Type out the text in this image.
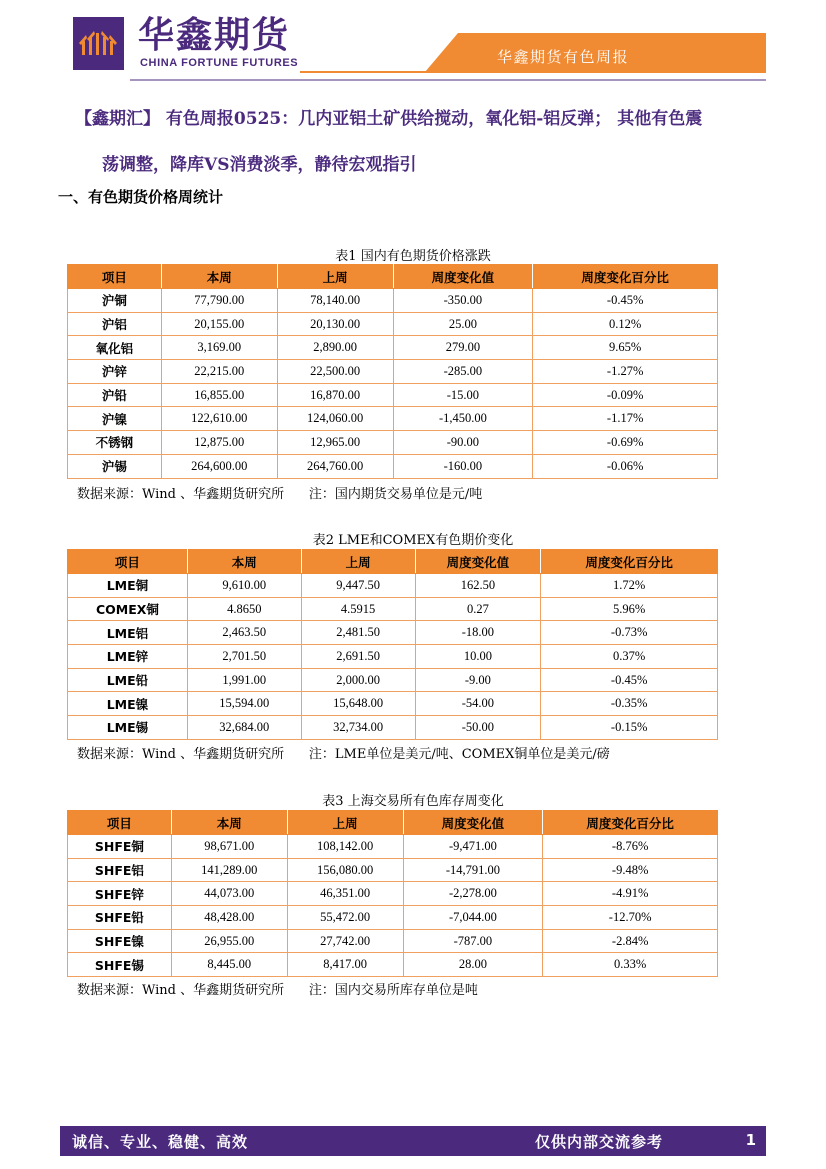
华鑫期货
CHINA FORTUNE FUTURES	华鑫期货有色周报
【鑫期汇】 有色周报0525：几内亚铝土矿供给搅动，氧化铝-铝反弹； 其他有色震
荡调整，降库VS消费淡季，静待宏观指引
一、有色期货价格周统计
表1 国内有色期货价格涨跌
项目	本周	上周	周度变化值	周度变化百分比
沪铜	77,790.00	78,140.00	-350.00	-0.45%
沪铝	20,155.00	20,130.00	25.00	0.12%
氧化铝	3,169.00	2,890.00	279.00	9.65%
沪锌	22,215.00	22,500.00	-285.00	-1.27%
沪铅	16,855.00	16,870.00	-15.00	-0.09%
沪镍	122,610.00	124,060.00	-1,450.00	-1.17%
不锈钢	12,875.00	12,965.00	-90.00	-0.69%
沪锡	264,600.00	264,760.00	-160.00	-0.06%
数据来源：Wind 、华鑫期货研究所      注：国内期货交易单位是元/吨
表2 LME和COMEX有色期价变化
项目	本周	上周	周度变化值	周度变化百分比
LME铜	9,610.00	9,447.50	162.50	1.72%
COMEX铜	4.8650	4.5915	0.27	5.96%
LME铝	2,463.50	2,481.50	-18.00	-0.73%
LME锌	2,701.50	2,691.50	10.00	0.37%
LME铅	1,991.00	2,000.00	-9.00	-0.45%
LME镍	15,594.00	15,648.00	-54.00	-0.35%
LME锡	32,684.00	32,734.00	-50.00	-0.15%
数据来源：Wind 、华鑫期货研究所      注：LME单位是美元/吨、COMEX铜单位是美元/磅
表3 上海交易所有色库存周变化
项目	本周	上周	周度变化值	周度变化百分比
SHFE铜	98,671.00	108,142.00	-9,471.00	-8.76%
SHFE铝	141,289.00	156,080.00	-14,791.00	-9.48%
SHFE锌	44,073.00	46,351.00	-2,278.00	-4.91%
SHFE铅	48,428.00	55,472.00	-7,044.00	-12.70%
SHFE镍	26,955.00	27,742.00	-787.00	-2.84%
SHFE锡	8,445.00	8,417.00	28.00	0.33%
数据来源：Wind 、华鑫期货研究所      注：国内交易所库存单位是吨
诚信、专业、稳健、高效	仅供内部交流参考	1
